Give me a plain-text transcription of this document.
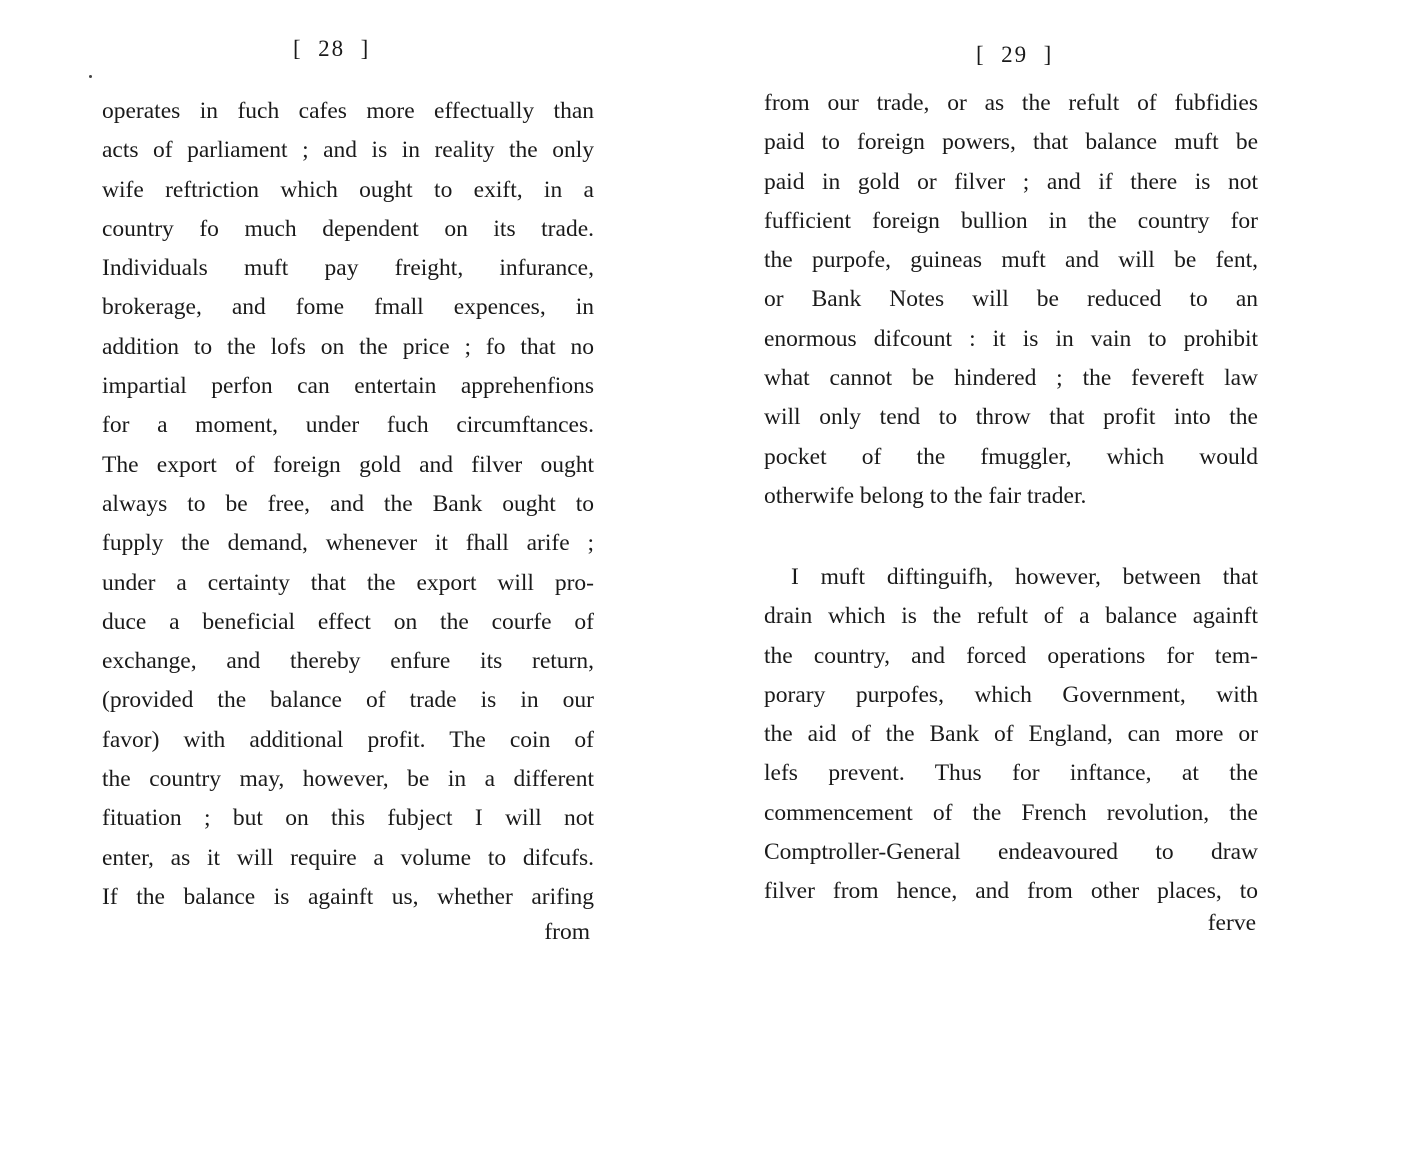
[  28  ]
operates in fuch cafes more effectually than
acts of parliament ; and is in reality the only
wife reftriction which ought to exift, in a
country fo much dependent on its trade.
Individuals muft pay freight, infurance,
brokerage, and fome fmall expences, in
addition to the lofs on the price ; fo that no
impartial perfon can entertain apprehenfions
for a moment, under fuch circumftances.
The export of foreign gold and filver ought
always to be free, and the Bank ought to
fupply the demand, whenever it fhall arife ;
under a certainty that the export will pro-
duce a beneficial effect on the courfe of
exchange, and thereby enfure its return,
(provided the balance of trade is in our
favor) with additional profit. The coin of
the country may, however, be in a different
fituation ; but on this fubject I will not
enter, as it will require a volume to difcufs.
If the balance is againft us, whether arifing
from
[  29  ]
from our trade, or as the refult of fubfidies
paid to foreign powers, that balance muft be
paid in gold or filver ; and if there is not
fufficient foreign bullion in the country for
the purpofe, guineas muft and will be fent,
or Bank Notes will be reduced to an
enormous difcount : it is in vain to prohibit
what cannot be hindered ; the fevereft law
will only tend to throw that profit into the
pocket of the fmuggler, which would
otherwife belong to the fair trader.
I muft diftinguifh, however, between that
drain which is the refult of a balance againft
the country, and forced operations for tem-
porary purpofes, which Government, with
the aid of the Bank of England, can more or
lefs prevent. Thus for inftance, at the
commencement of the French revolution, the
Comptroller-General endeavoured to draw
filver from hence, and from other places, to
ferve
